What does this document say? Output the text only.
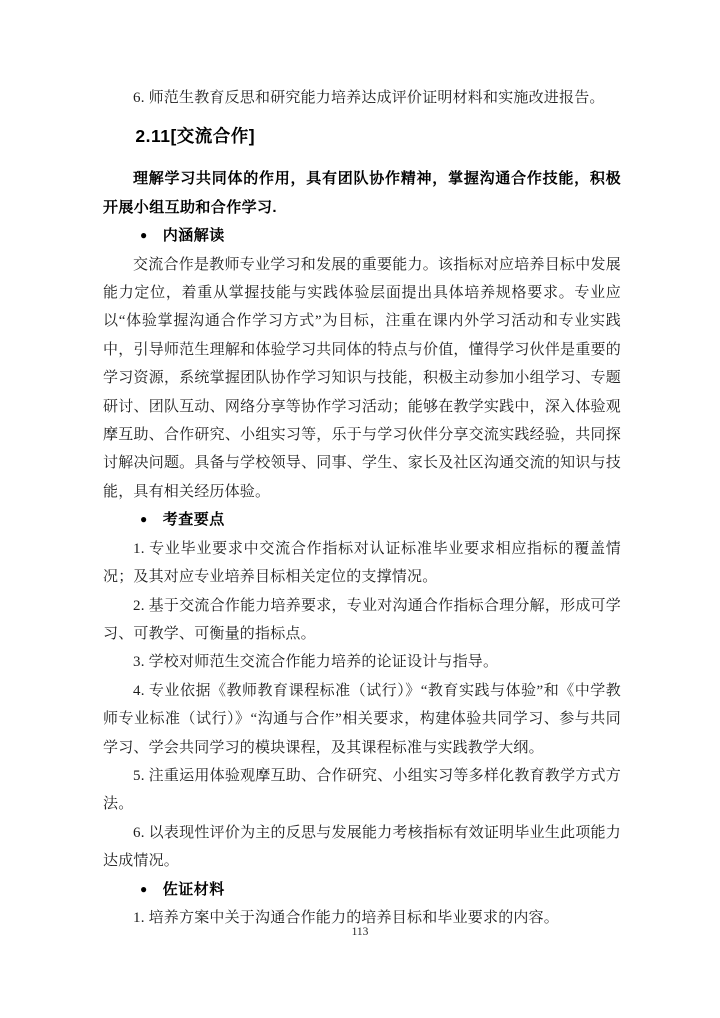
6. 师范生教育反思和研究能力培养达成评价证明材料和实施改进报告。

2.11[交流合作]

理解学习共同体的作用，具有团队协作精神，掌握沟通合作技能，积极开展小组互助和合作学习.

● 内涵解读

交流合作是教师专业学习和发展的重要能力。该指标对应培养目标中发展能力定位，着重从掌握技能与实践体验层面提出具体培养规格要求。专业应以“体验掌握沟通合作学习方式”为目标，注重在课内外学习活动和专业实践中，引导师范生理解和体验学习共同体的特点与价值，懂得学习伙伴是重要的学习资源，系统掌握团队协作学习知识与技能，积极主动参加小组学习、专题研讨、团队互动、网络分享等协作学习活动；能够在教学实践中，深入体验观摩互助、合作研究、小组实习等，乐于与学习伙伴分享交流实践经验，共同探讨解决问题。具备与学校领导、同事、学生、家长及社区沟通交流的知识与技能，具有相关经历体验。

● 考查要点

1. 专业毕业要求中交流合作指标对认证标准毕业要求相应指标的覆盖情况；及其对应专业培养目标相关定位的支撑情况。

2. 基于交流合作能力培养要求，专业对沟通合作指标合理分解，形成可学习、可教学、可衡量的指标点。

3. 学校对师范生交流合作能力培养的论证设计与指导。

4. 专业依据《教师教育课程标准（试行）》“教育实践与体验”和《中学教师专业标准（试行）》“沟通与合作”相关要求，构建体验共同学习、参与共同学习、学会共同学习的模块课程，及其课程标准与实践教学大纲。

5. 注重运用体验观摩互助、合作研究、小组实习等多样化教育教学方式方法。

6. 以表现性评价为主的反思与发展能力考核指标有效证明毕业生此项能力达成情况。

● 佐证材料

1. 培养方案中关于沟通合作能力的培养目标和毕业要求的内容。

113
